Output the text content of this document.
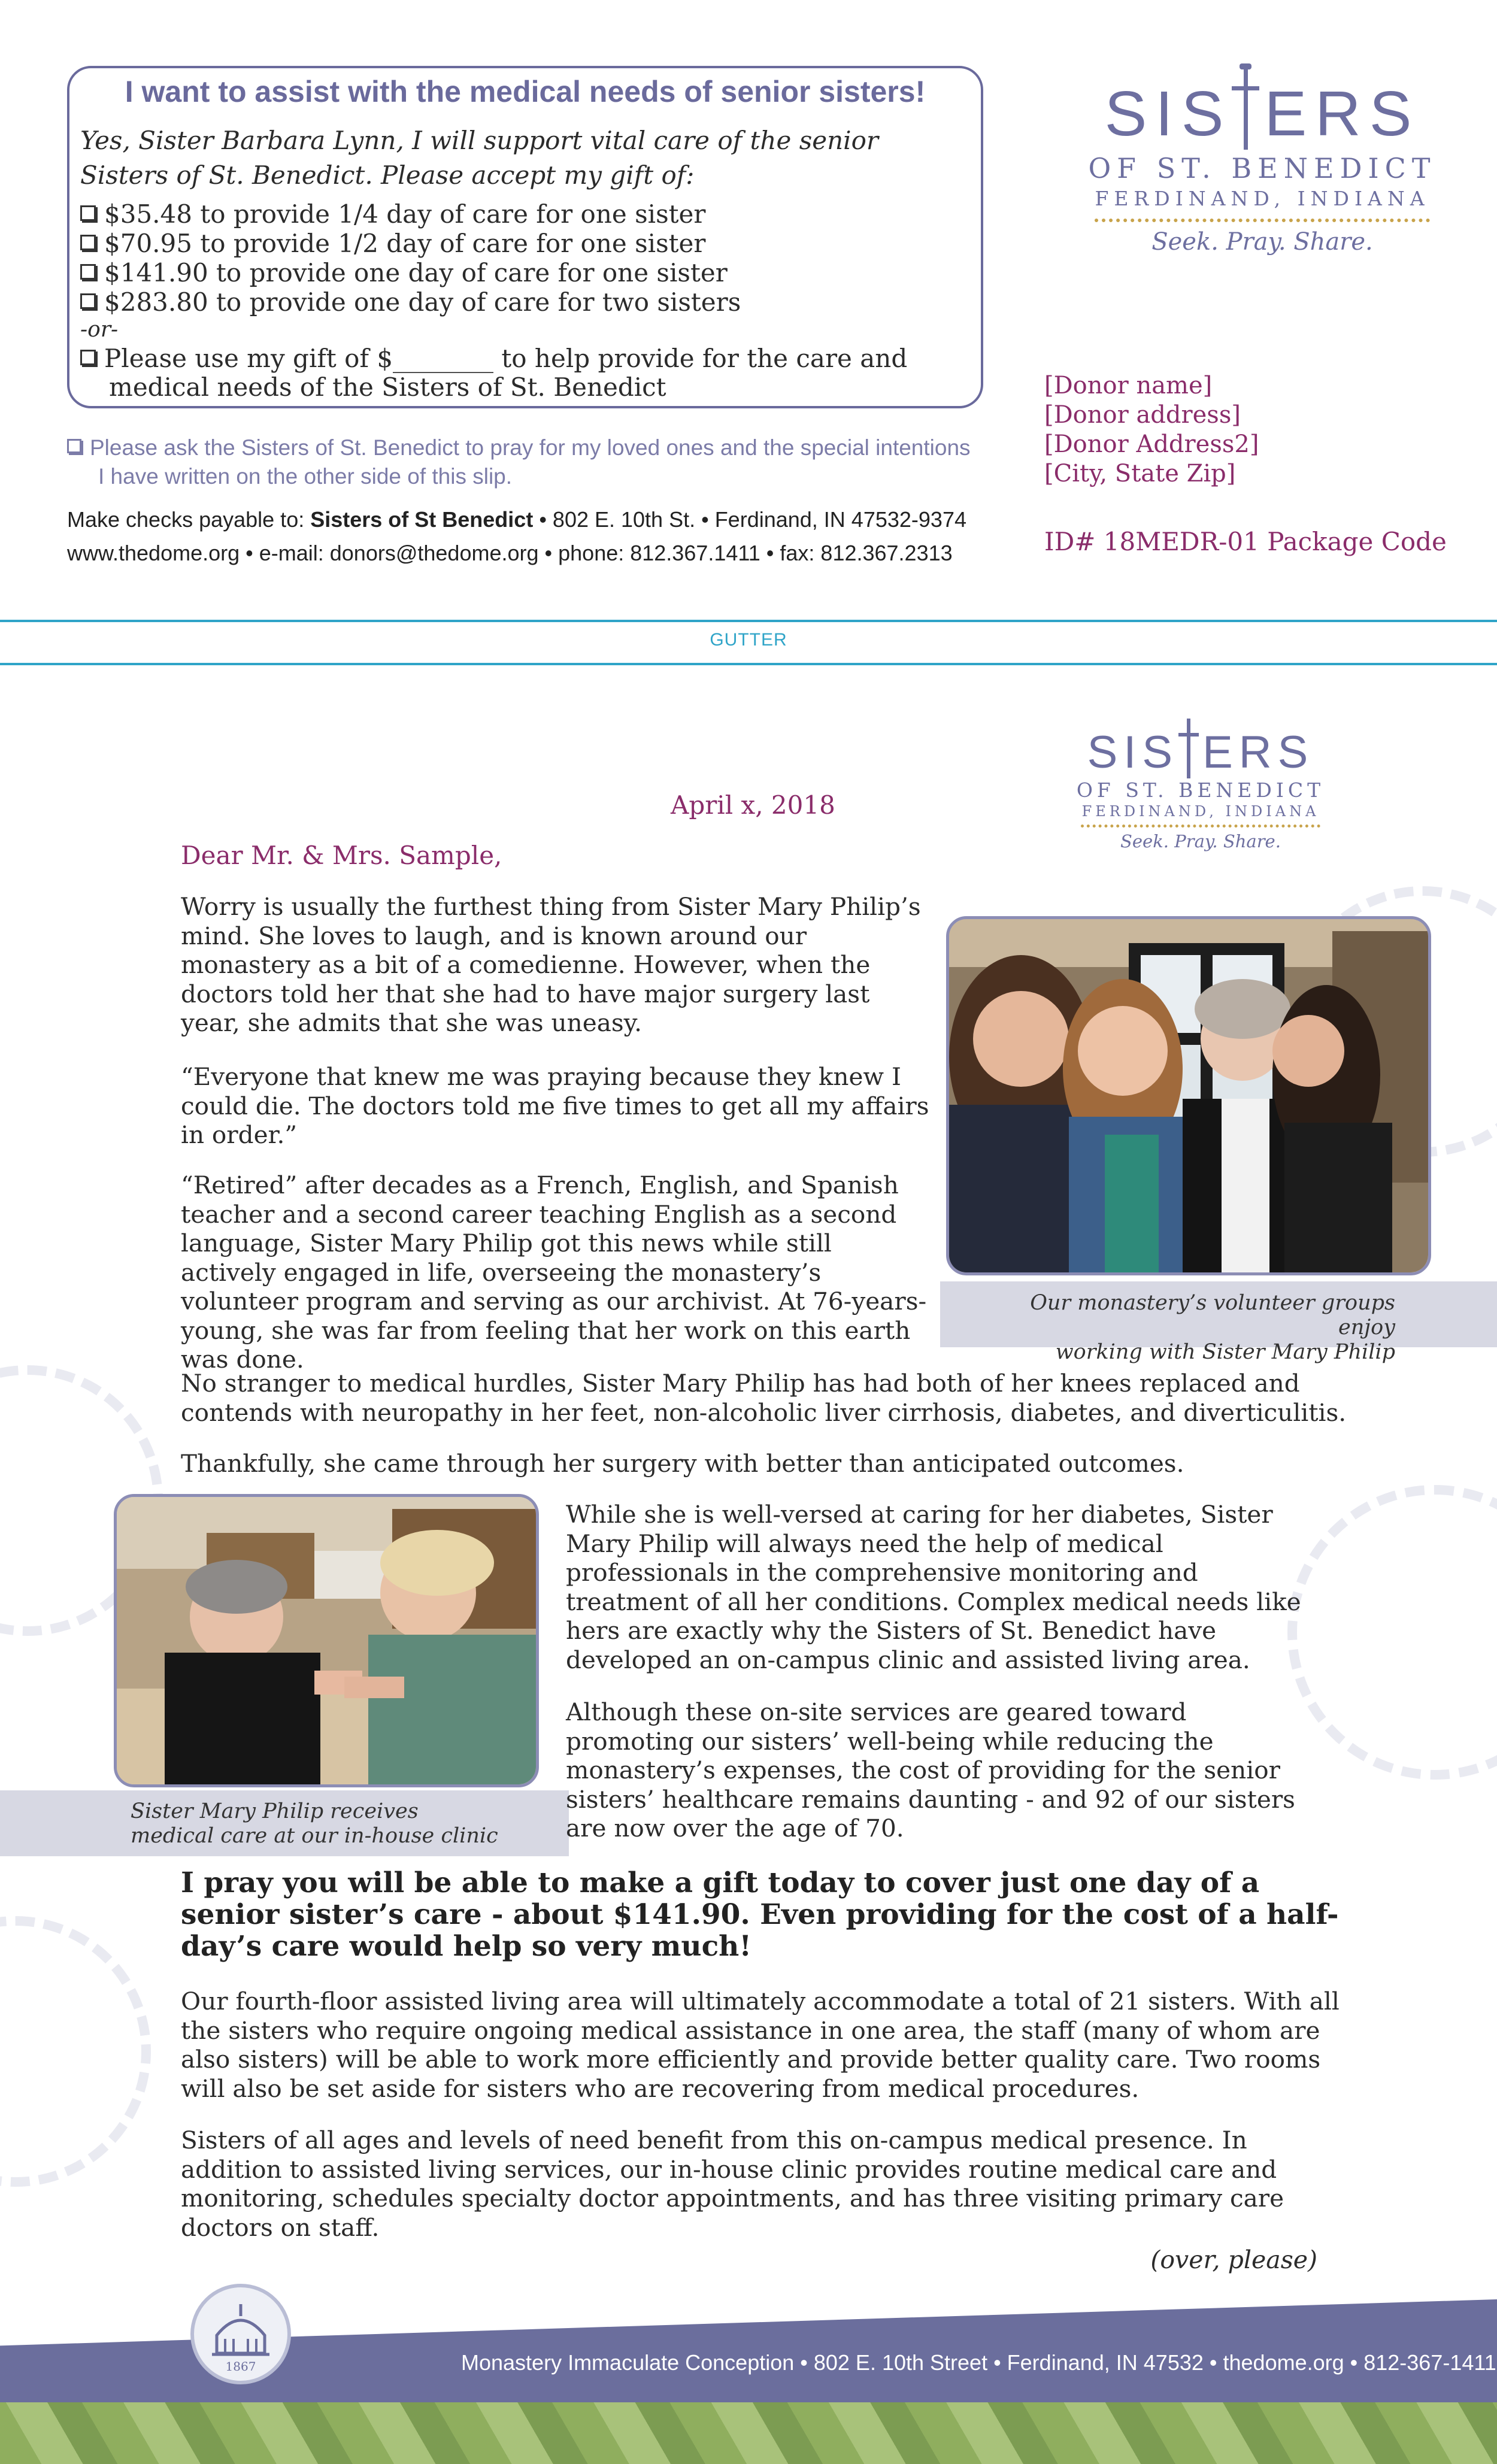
I want to assist with the medical needs of senior sisters!
Yes, Sister Barbara Lynn, I will support vital care of the senior Sisters of St. Benedict. Please accept my gift of:
$35.48 to provide 1/4 day of care for one sister
$70.95 to provide 1/2 day of care for one sister
$141.90 to provide one day of care for one sister
$283.80 to provide one day of care for two sisters
-or-
Please use my gift of $________ to help provide for the care and
medical needs of the Sisters of St. Benedict
Please ask the Sisters of St. Benedict to pray for my loved ones and the special intentions
I have written on the other side of this slip.
Make checks payable to: Sisters of St Benedict • 802 E. 10th St. • Ferdinand, IN 47532-9374
www.thedome.org • e-mail: donors@thedome.org • phone: 812.367.1411 • fax: 812.367.2313
SIS ERS
OF ST. BENEDICT
FERDINAND, INDIANA
Seek. Pray. Share.
[Donor name]
[Donor address]
[Donor Address2]
[City, State Zip]
ID# 18MEDR-01 Package Code
GUTTER
SIS ERS
OF ST. BENEDICT
FERDINAND, INDIANA
Seek. Pray. Share.
April x, 2018
Dear Mr. & Mrs. Sample,

Worry is usually the furthest thing from Sister Mary Philip’s mind. She loves to laugh, and is known around our monastery as a bit of a comedienne. However, when the doctors told her that she had to have major surgery last year, she admits that she was uneasy.

“Everyone that knew me was praying because they knew I could die. The doctors told me five times to get all my affairs in order.”

“Retired” after decades as a French, English, and Spanish teacher and a second career teaching English as a second language, Sister Mary Philip got this news while still actively engaged in life, overseeing the monastery’s volunteer program and serving as our archivist. At 76-years-young, she was far from feeling that her work on this earth was done.

Our monastery’s volunteer groups enjoy
working with Sister Mary Philip

No stranger to medical hurdles, Sister Mary Philip has had both of her knees replaced and contends with neuropathy in her feet, non-alcoholic liver cirrhosis, diabetes, and diverticulitis.

Thankfully, she came through her surgery with better than anticipated outcomes.

Sister Mary Philip receives
medical care at our in-house clinic

While she is well-versed at caring for her diabetes, Sister Mary Philip will always need the help of medical professionals in the comprehensive monitoring and treatment of all her conditions. Complex medical needs like hers are exactly why the Sisters of St. Benedict have developed an on-campus clinic and assisted living area.

Although these on-site services are geared toward promoting our sisters’ well-being while reducing the monastery’s expenses, the cost of providing for the senior sisters’ healthcare remains daunting - and 92 of our sisters are now over the age of 70.

I pray you will be able to make a gift today to cover just one day of a senior sister’s care - about $141.90. Even providing for the cost of a half-day’s care would help so very much!

Our fourth-floor assisted living area will ultimately accommodate a total of 21 sisters. With all the sisters who require ongoing medical assistance in one area, the staff (many of whom are also sisters) will be able to work more efficiently and provide better quality care. Two rooms will also be set aside for sisters who are recovering from medical procedures.

Sisters of all ages and levels of need benefit from this on-campus medical presence. In addition to assisted living services, our in-house clinic provides routine medical care and monitoring, schedules specialty doctor appointments, and has three visiting primary care doctors on staff.

(over, please)
1867	Monastery Immaculate Conception • 802 E. 10th Street • Ferdinand, IN 47532 • thedome.org • 812-367-1411
